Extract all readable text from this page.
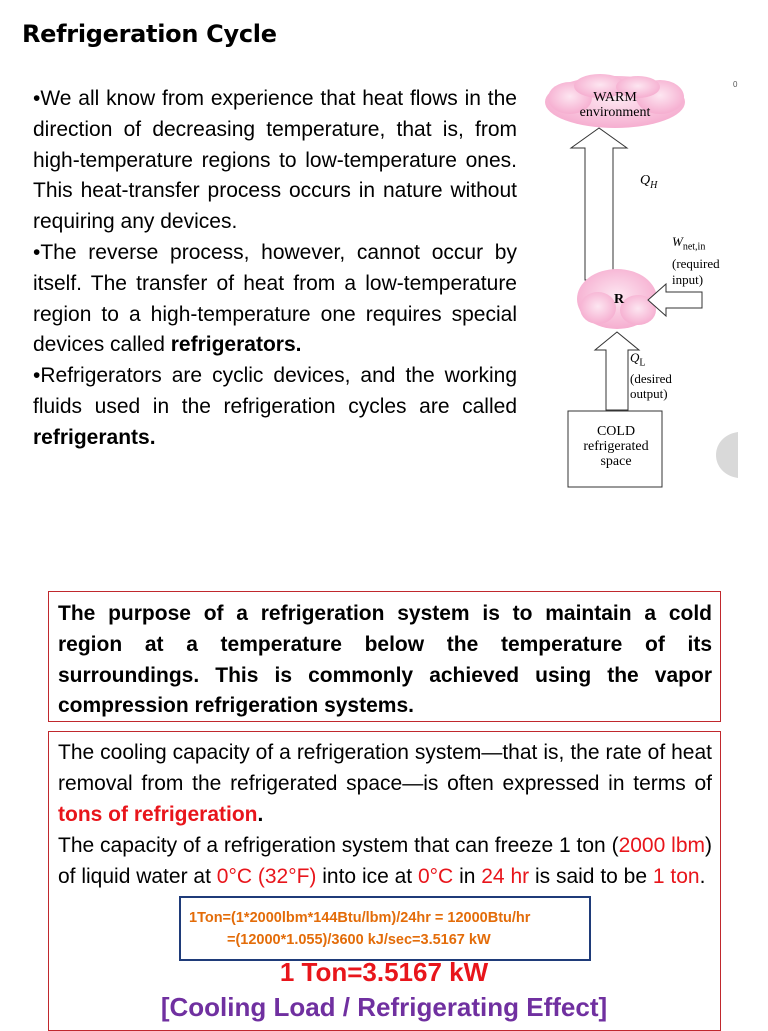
Refrigeration Cycle

•We all know from experience that heat flows in the direction of decreasing temperature, that is, from high-temperature regions to low-temperature ones. This heat-transfer process occurs in nature without requiring any devices.

•The reverse process, however, cannot occur by itself. The transfer of heat from a low-temperature region to a high-temperature one requires special devices called refrigerators.

•Refrigerators are cyclic devices, and the working fluids used in the refrigeration cycles are called refrigerants.

0
WARM
environment
$Q_H$
$W_{net,in}$
(required
input)
R
$Q_L$
(desired
output)
COLD
refrigerated
space
The purpose of a refrigeration system is to maintain a cold region at a temperature below the temperature of its surroundings. This is commonly achieved using the vapor compression refrigeration systems.

The cooling capacity of a refrigeration system—that is, the rate of heat removal from the refrigerated space—is often expressed in terms of tons of refrigeration.

The capacity of a refrigeration system that can freeze 1 ton (2000 lbm) of liquid water at 0°C (32°F) into ice at 0°C in 24 hr is said to be 1 ton.

1Ton=(1*2000lbm*144Btu/lbm)/24hr = 12000Btu/hr
=(12000*1.055)/3600 kJ/sec=3.5167 kW
1 Ton=3.5167 kW
[Cooling Load / Refrigerating Effect]
